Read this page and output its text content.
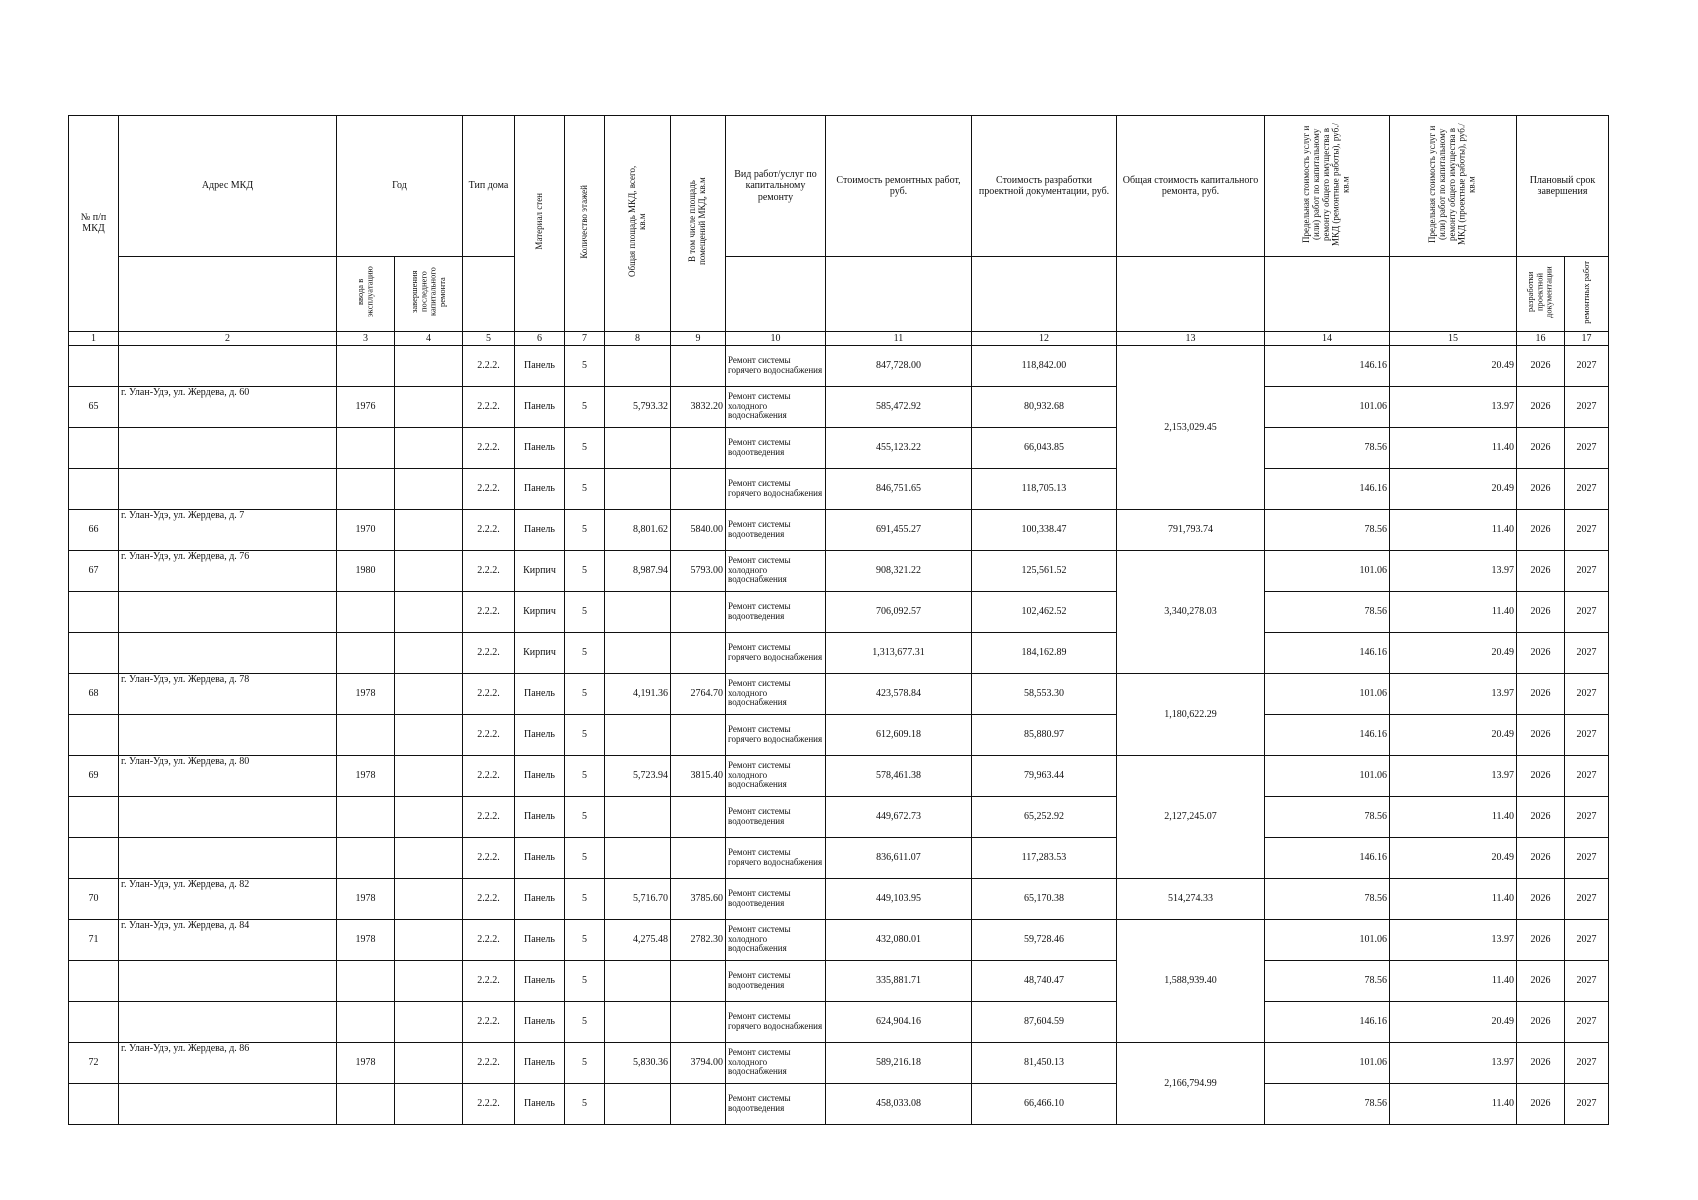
№ п/п МКД	Адрес МКД	Год		Тип дома	Материал стен	Количество этажей	Общая площадь МКД, всего, кв.м	В том числе площадь помещений МКД, кв.м	Вид работ/услуг по капитальному ремонту	Стоимость ремонтных работ, руб.	Стоимость разработки проектной документации, руб.	Общая стоимость капитального ремонта, руб.	Предельная стоимость услуг и (или) работ по капитальному ремонту общего имущества в МКД (ремонтные работы), руб./кв.м	Предельная стоимость услуг и (или) работ по капитальному ремонту общего имущества в МКД (проектные работы), руб./кв.м	Плановый срок завершения	
		ввода в эксплуатацию	завершения последнего капитального ремонта												разработки проектной документации	ремонтных работ
1	2	3	4	5	6	7	8	9	10	11	12	13	14	15	16	17
				2.2.2.	Панель	5			Ремонт системы горячего водоснабжения	847,728.00	118,842.00	2,153,029.45	146.16	20.49	2026	2027
65	г. Улан-Удэ, ул. Жердева, д. 60	1976		2.2.2.	Панель	5	5,793.32	3832.20	Ремонт системы холодного водоснабжения	585,472.92	80,932.68		101.06	13.97	2026	2027
				2.2.2.	Панель	5			Ремонт системы водоотведения	455,123.22	66,043.85		78.56	11.40	2026	2027
				2.2.2.	Панель	5			Ремонт системы горячего водоснабжения	846,751.65	118,705.13		146.16	20.49	2026	2027
66	г. Улан-Удэ, ул. Жердева, д. 7	1970		2.2.2.	Панель	5	8,801.62	5840.00	Ремонт системы водоотведения	691,455.27	100,338.47	791,793.74	78.56	11.40	2026	2027
67	г. Улан-Удэ, ул. Жердева, д. 76	1980		2.2.2.	Кирпич	5	8,987.94	5793.00	Ремонт системы холодного водоснабжения	908,321.22	125,561.52	3,340,278.03	101.06	13.97	2026	2027
				2.2.2.	Кирпич	5			Ремонт системы водоотведения	706,092.57	102,462.52		78.56	11.40	2026	2027
				2.2.2.	Кирпич	5			Ремонт системы горячего водоснабжения	1,313,677.31	184,162.89		146.16	20.49	2026	2027
68	г. Улан-Удэ, ул. Жердева, д. 78	1978		2.2.2.	Панель	5	4,191.36	2764.70	Ремонт системы холодного водоснабжения	423,578.84	58,553.30	1,180,622.29	101.06	13.97	2026	2027
				2.2.2.	Панель	5			Ремонт системы горячего водоснабжения	612,609.18	85,880.97		146.16	20.49	2026	2027
69	г. Улан-Удэ, ул. Жердева, д. 80	1978		2.2.2.	Панель	5	5,723.94	3815.40	Ремонт системы холодного водоснабжения	578,461.38	79,963.44	2,127,245.07	101.06	13.97	2026	2027
				2.2.2.	Панель	5			Ремонт системы водоотведения	449,672.73	65,252.92		78.56	11.40	2026	2027
				2.2.2.	Панель	5			Ремонт системы горячего водоснабжения	836,611.07	117,283.53		146.16	20.49	2026	2027
70	г. Улан-Удэ, ул. Жердева, д. 82	1978		2.2.2.	Панель	5	5,716.70	3785.60	Ремонт системы водоотведения	449,103.95	65,170.38	514,274.33	78.56	11.40	2026	2027
71	г. Улан-Удэ, ул. Жердева, д. 84	1978		2.2.2.	Панель	5	4,275.48	2782.30	Ремонт системы холодного водоснабжения	432,080.01	59,728.46	1,588,939.40	101.06	13.97	2026	2027
				2.2.2.	Панель	5			Ремонт системы водоотведения	335,881.71	48,740.47		78.56	11.40	2026	2027
				2.2.2.	Панель	5			Ремонт системы горячего водоснабжения	624,904.16	87,604.59		146.16	20.49	2026	2027
72	г. Улан-Удэ, ул. Жердева, д. 86	1978		2.2.2.	Панель	5	5,830.36	3794.00	Ремонт системы холодного водоснабжения	589,216.18	81,450.13	2,166,794.99	101.06	13.97	2026	2027
				2.2.2.	Панель	5			Ремонт системы водоотведения	458,033.08	66,466.10		78.56	11.40	2026	2027
